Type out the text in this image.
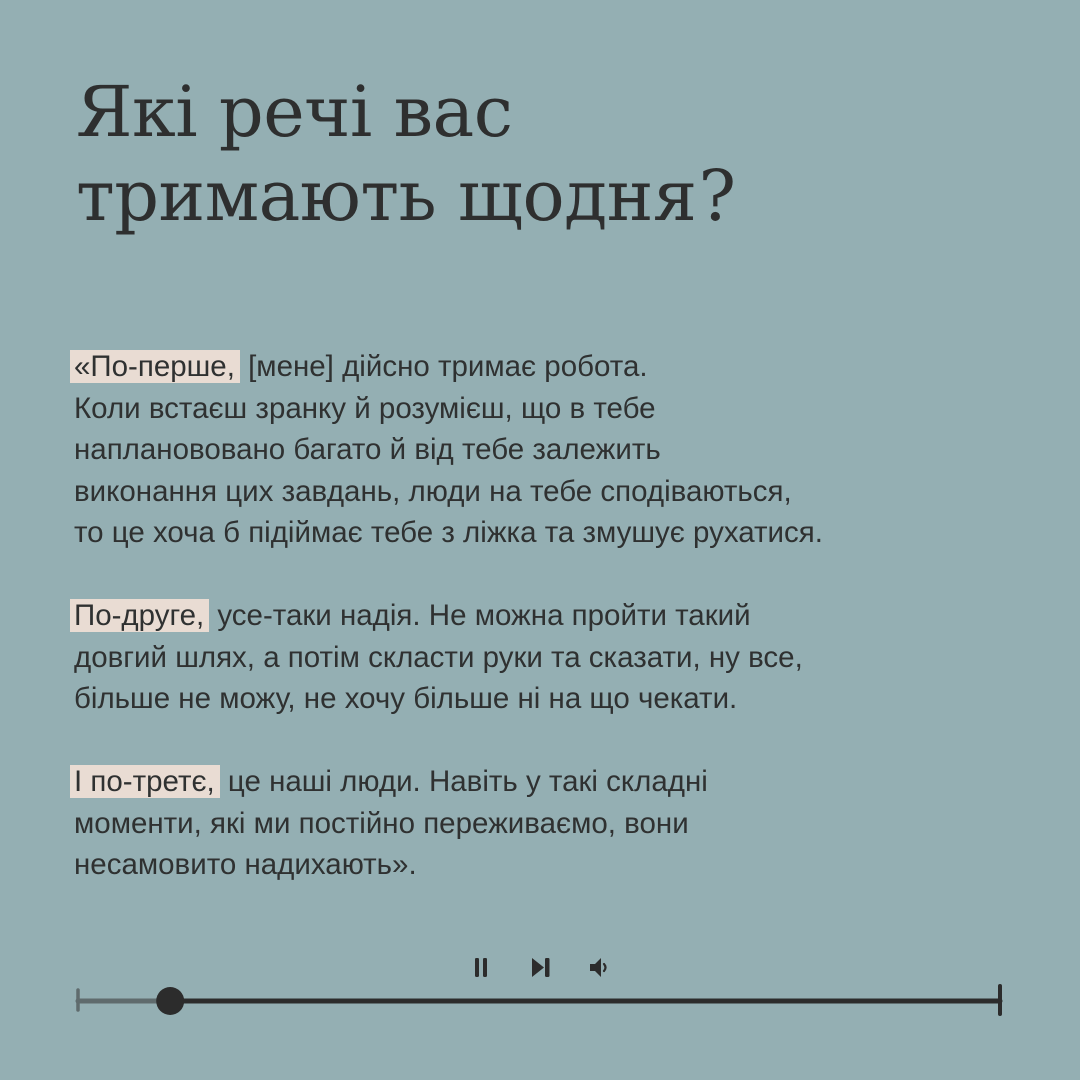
Які речі вас
тримають щодня?

«По-перше, [мене] дійсно тримає робота.
Коли встаєш зранку й розумієш, що в тебе
напланововано багато й від тебе залежить
виконання цих завдань, люди на тебе сподіваються,
то це хоча б підіймає тебе з ліжка та змушує рухатися.

По-друге, усе-таки надія. Не можна пройти такий
довгий шлях, а потім скласти руки та сказати, ну все,
більше не можу, не хочу більше ні на що чекати.

І по-третє, це наші люди. Навіть у такі складні
моменти, які ми постійно переживаємо, вони
несамовито надихають».
